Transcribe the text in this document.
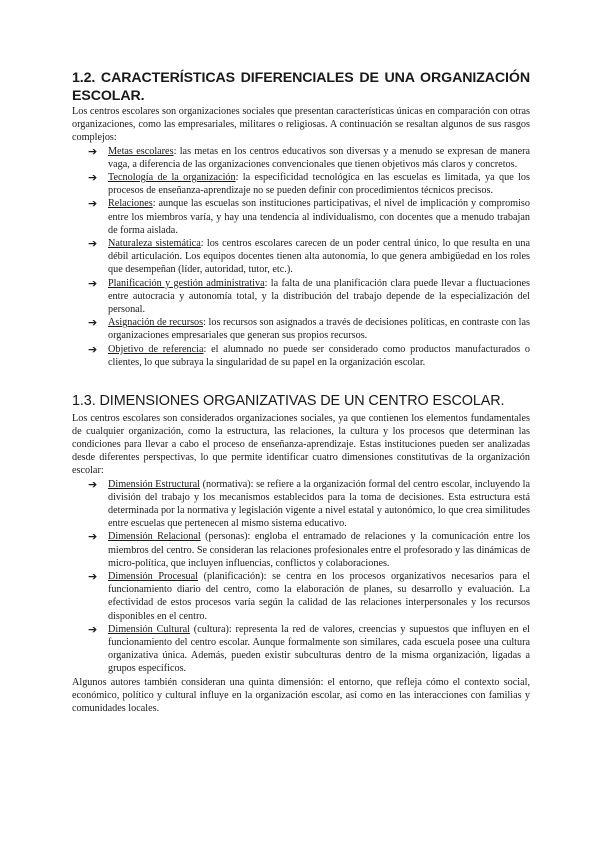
1.2. CARACTERÍSTICAS DIFERENCIALES DE UNA ORGANIZACIÓN ESCOLAR.

Los centros escolares son organizaciones sociales que presentan características únicas en comparación con otras organizaciones, como las empresariales, militares o religiosas. A continuación se resaltan algunos de sus rasgos complejos:

➔ Metas escolares: las metas en los centros educativos son diversas y a menudo se expresan de manera vaga, a diferencia de las organizaciones convencionales que tienen objetivos más claros y concretos.
➔ Tecnología de la organización: la especificidad tecnológica en las escuelas es limitada, ya que los procesos de enseñanza-aprendizaje no se pueden definir con procedimientos técnicos precisos.
➔ Relaciones: aunque las escuelas son instituciones participativas, el nivel de implicación y compromiso entre los miembros varía, y hay una tendencia al individualismo, con docentes que a menudo trabajan de forma aislada.
➔ Naturaleza sistemática: los centros escolares carecen de un poder central único, lo que resulta en una débil articulación. Los equipos docentes tienen alta autonomía, lo que genera ambigüedad en los roles que desempeñan (líder, autoridad, tutor, etc.).
➔ Planificación y gestión administrativa: la falta de una planificación clara puede llevar a fluctuaciones entre autocracia y autonomía total, y la distribución del trabajo depende de la especialización del personal.
➔ Asignación de recursos: los recursos son asignados a través de decisiones políticas, en contraste con las organizaciones empresariales que generan sus propios recursos.
➔ Objetivo de referencia: el alumnado no puede ser considerado como productos manufacturados o clientes, lo que subraya la singularidad de su papel en la organización escolar.
1.3. DIMENSIONES ORGANIZATIVAS DE UN CENTRO ESCOLAR.

Los centros escolares son considerados organizaciones sociales, ya que contienen los elementos fundamentales de cualquier organización, como la estructura, las relaciones, la cultura y los procesos que determinan las condiciones para llevar a cabo el proceso de enseñanza-aprendizaje. Estas instituciones pueden ser analizadas desde diferentes perspectivas, lo que permite identificar cuatro dimensiones constitutivas de la organización escolar:

➔ Dimensión Estructural (normativa): se refiere a la organización formal del centro escolar, incluyendo la división del trabajo y los mecanismos establecidos para la toma de decisiones. Esta estructura está determinada por la normativa y legislación vigente a nivel estatal y autonómico, lo que crea similitudes entre escuelas que pertenecen al mismo sistema educativo.
➔ Dimensión Relacional (personas): engloba el entramado de relaciones y la comunicación entre los miembros del centro. Se consideran las relaciones profesionales entre el profesorado y las dinámicas de micro-política, que incluyen influencias, conflictos y colaboraciones.
➔ Dimensión Procesual (planificación): se centra en los procesos organizativos necesarios para el funcionamiento diario del centro, como la elaboración de planes, su desarrollo y evaluación. La efectividad de estos procesos varía según la calidad de las relaciones interpersonales y los recursos disponibles en el centro.
➔ Dimensión Cultural (cultura): representa la red de valores, creencias y supuestos que influyen en el funcionamiento del centro escolar. Aunque formalmente son similares, cada escuela posee una cultura organizativa única. Además, pueden existir subculturas dentro de la misma organización, ligadas a grupos específicos.

Algunos autores también consideran una quinta dimensión: el entorno, que refleja cómo el contexto social, económico, político y cultural influye en la organización escolar, así como en las interacciones con familias y comunidades locales.
